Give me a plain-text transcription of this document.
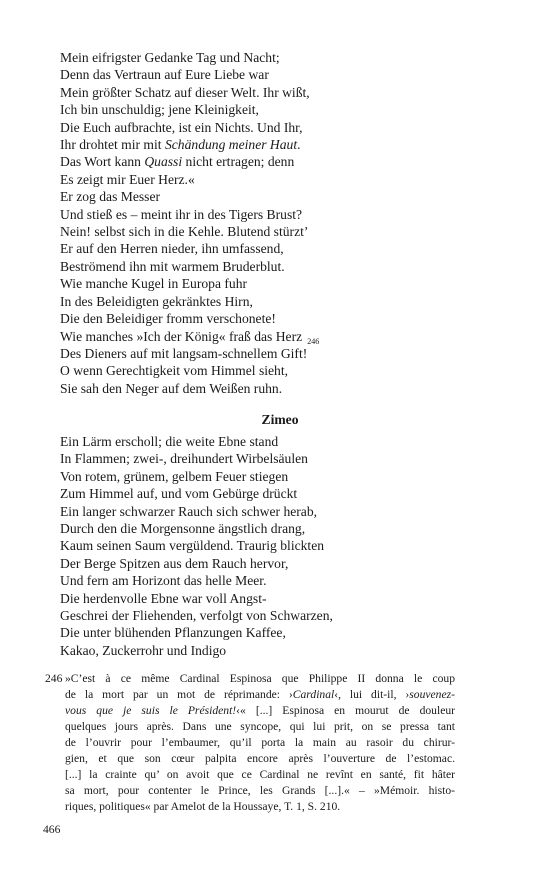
Mein eifrigster Gedanke Tag und Nacht;
Denn das Vertraun auf Eure Liebe war
Mein größter Schatz auf dieser Welt. Ihr wißt,
Ich bin unschuldig; jene Kleinigkeit,
Die Euch aufbrachte, ist ein Nichts. Und Ihr,
Ihr drohtet mir mit Schändung meiner Haut.
Das Wort kann Quassi nicht ertragen; denn
Es zeigt mir Euer Herz.«
Er zog das Messer
Und stieß es – meint ihr in des Tigers Brust?
Nein! selbst sich in die Kehle. Blutend stürzt’
Er auf den Herren nieder, ihn umfassend,
Beströmend ihn mit warmem Bruderblut.
Wie manche Kugel in Europa fuhr
In des Beleidigten gekränktes Hirn,
Die den Beleidiger fromm verschonete!
Wie manches »Ich der König« fraß das Herz
Des Dieners auf mit langsam-schnellem Gift!$^{246}$
O wenn Gerechtigkeit vom Himmel sieht,
Sie sah den Neger auf dem Weißen ruhn.
Zimeo
Ein Lärm erscholl; die weite Ebne stand
In Flammen; zwei-, dreihundert Wirbelsäulen
Von rotem, grünem, gelbem Feuer stiegen
Zum Himmel auf, und vom Gebürge drückt
Ein langer schwarzer Rauch sich schwer herab,
Durch den die Morgensonne ängstlich drang,
Kaum seinen Saum vergüldend. Traurig blickten
Der Berge Spitzen aus dem Rauch hervor,
Und fern am Horizont das helle Meer.
Die herdenvolle Ebne war voll Angst-
Geschrei der Fliehenden, verfolgt von Schwarzen,
Die unter blühenden Pflanzungen Kaffee,
Kakao, Zuckerrohr und Indigo
246 »C’est à ce même Cardinal Espinosa que Philippe II donna le coup
de la mort par un mot de réprimande: ›Cardinal‹, lui dit-il, ›souvenez-
vous que je suis le Président!‹« [...] Espinosa en mourut de douleur
quelques jours après. Dans une syncope, qui lui prit, on se pressa tant
de l’ouvrir pour l’embaumer, qu’il porta la main au rasoir du chirur-
gien, et que son cœur palpita encore après l’ouverture de l’estomac.
[...] la crainte qu’ on avoit que ce Cardinal ne revînt en santé, fit hâter
sa mort, pour contenter le Prince, les Grands [...].« – »Mémoir. histo-
riques, politiques« par Amelot de la Houssaye, T. 1, S. 210.
466
